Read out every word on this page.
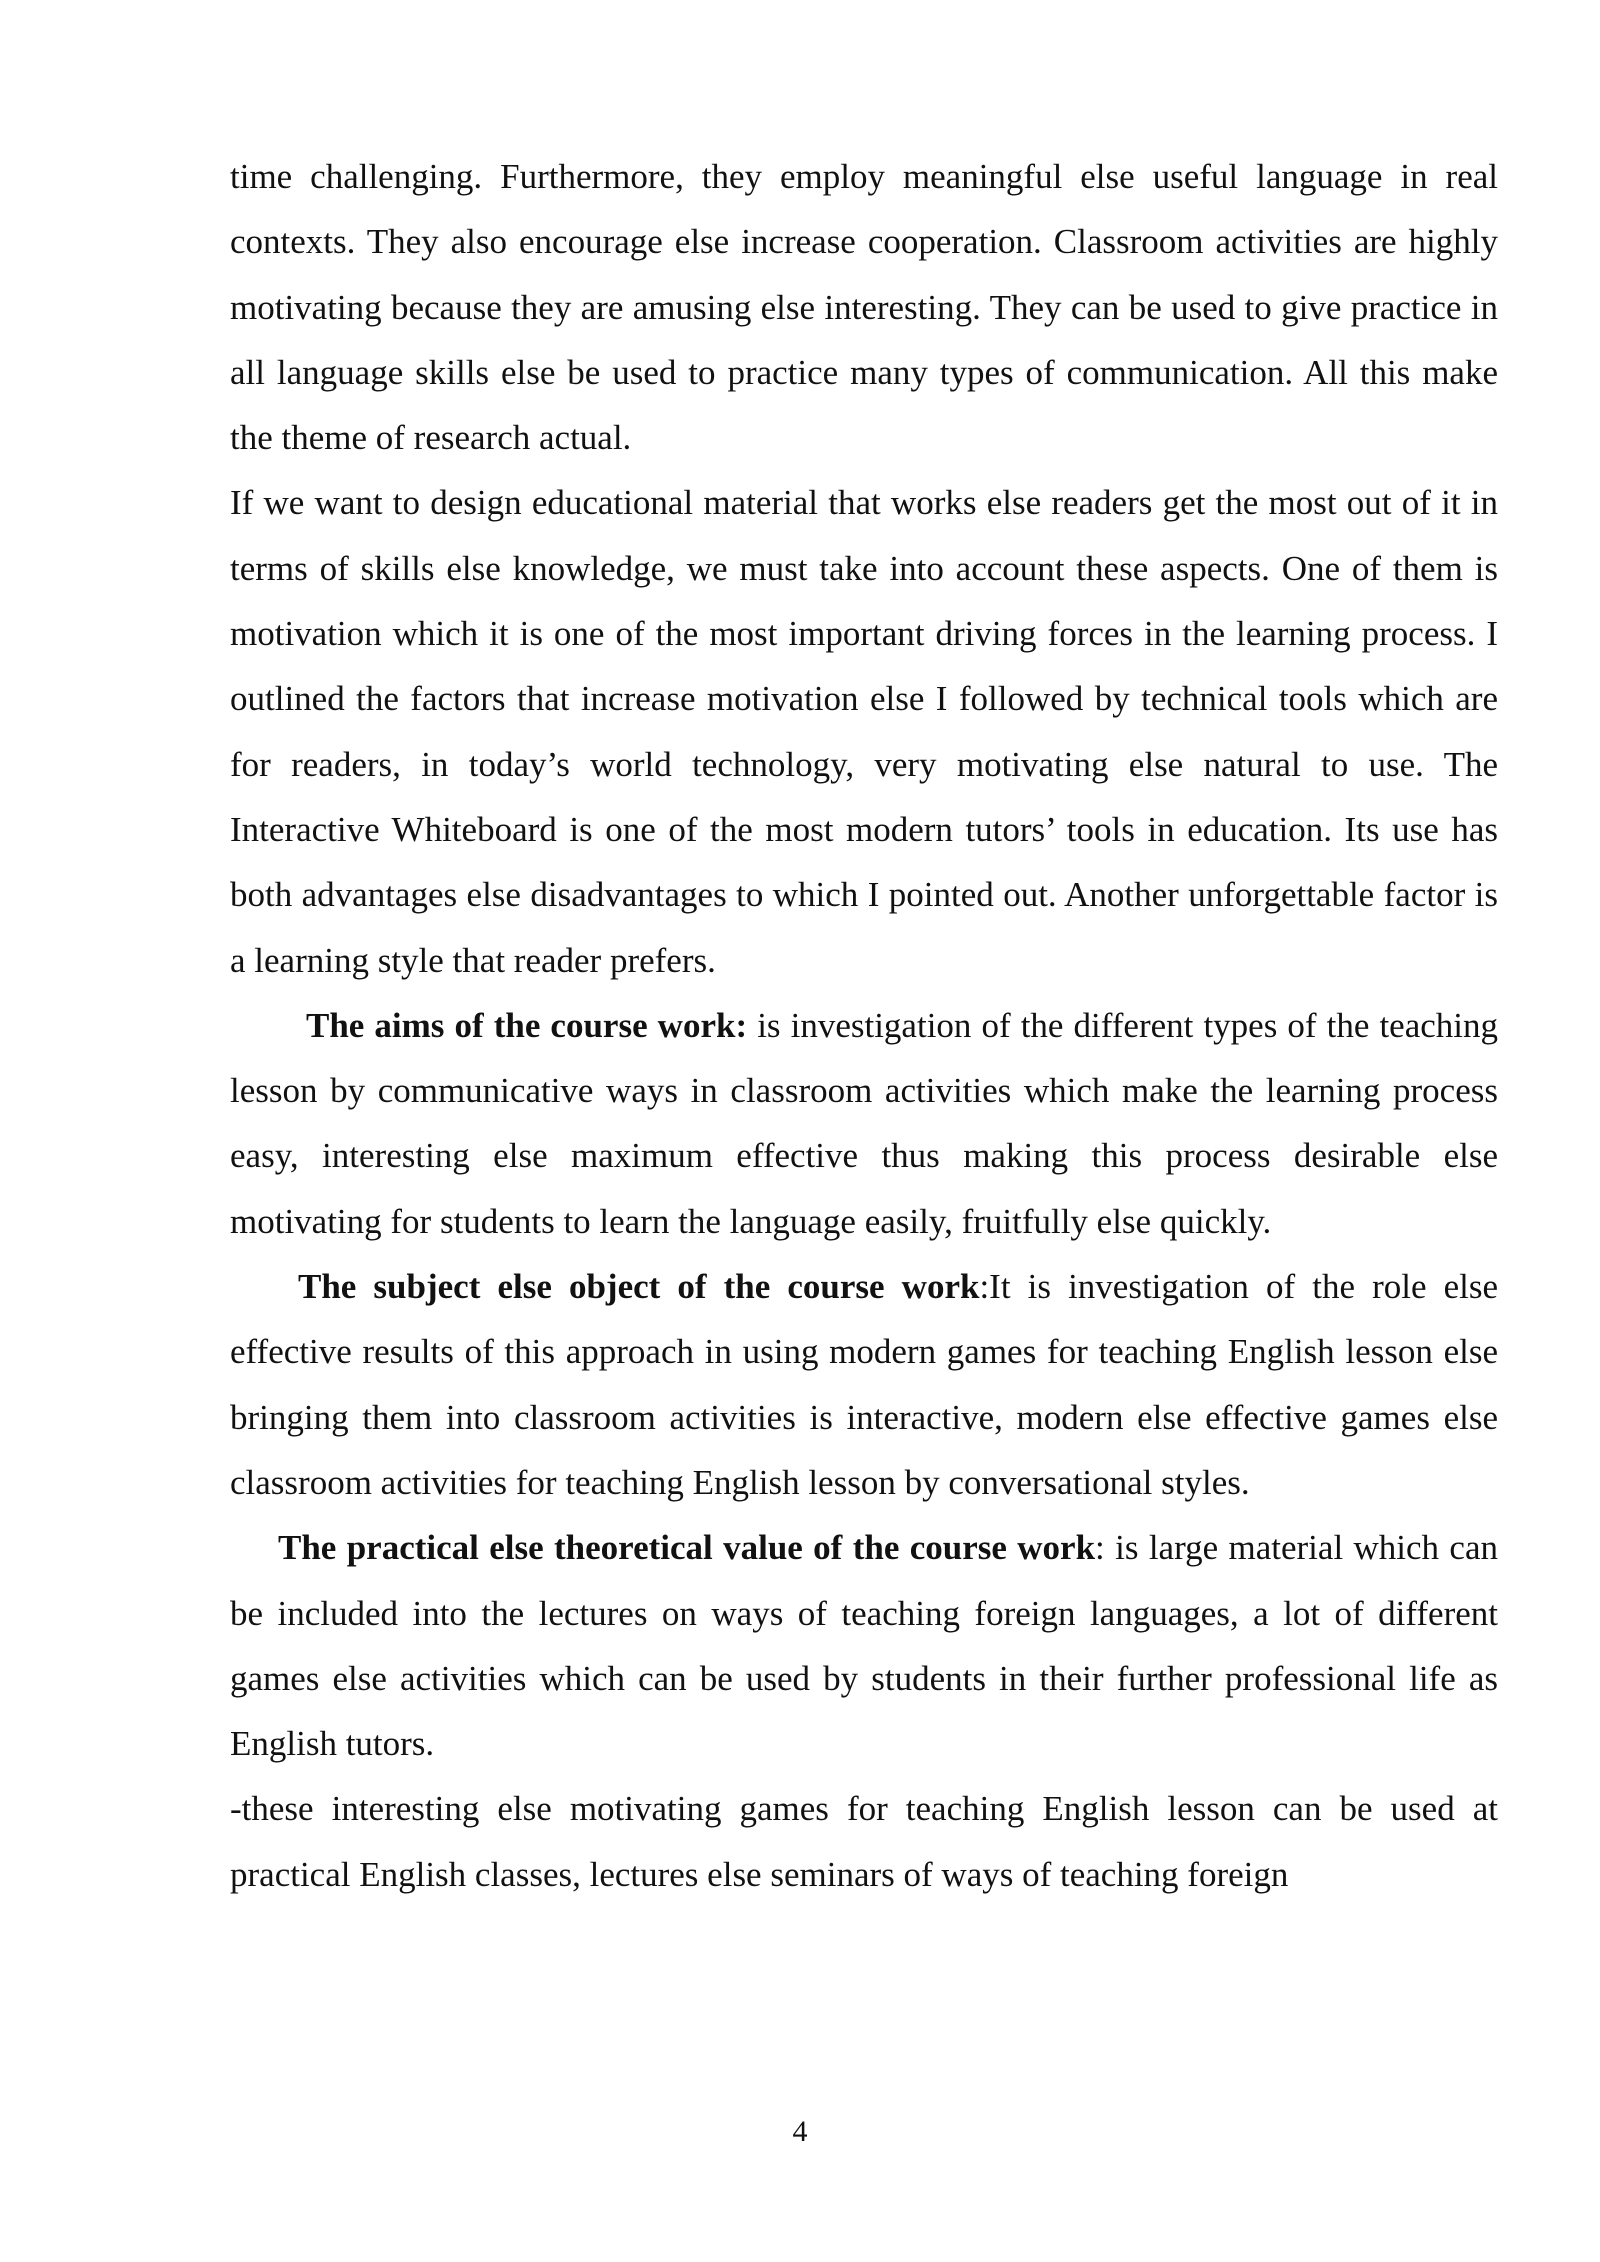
time challenging. Furthermore, they employ meaningful else useful language in real contexts. They also encourage else increase cooperation. Classroom activities are highly motivating because they are amusing else interesting. They can be used to give practice in all language skills else be used to practice many types of communication. All this make the theme of research actual.

If we want to design educational material that works else readers get the most out of it in terms of skills else knowledge, we must take into account these aspects. One of them is motivation which it is one of the most important driving forces in the learning process. I outlined the factors that increase motivation else I followed by technical tools which are for readers, in today’s world technology, very motivating else natural to use. The Interactive Whiteboard is one of the most modern tutors’ tools in education. Its use has both advantages else disadvantages to which I pointed out. Another unforgettable factor is a learning style that reader prefers.

The aims of the course work: is investigation of the different types of the teaching lesson by communicative ways in classroom activities which make the learning process easy, interesting else maximum effective thus making this process desirable else motivating for students to learn the language easily, fruitfully else quickly.

The subject else object of the course work:It is investigation of the role else effective results of this approach in using modern games for teaching English lesson else bringing them into classroom activities is interactive, modern else effective games else classroom activities for teaching English lesson by conversational styles.

The practical else theoretical value of the course work: is large material which can be included into the lectures on ways of teaching foreign languages, a lot of different games else activities which can be used by students in their further professional life as English tutors.

-these interesting else motivating games for teaching English lesson can be used at practical English classes, lectures else seminars of ways of teaching foreign

4
